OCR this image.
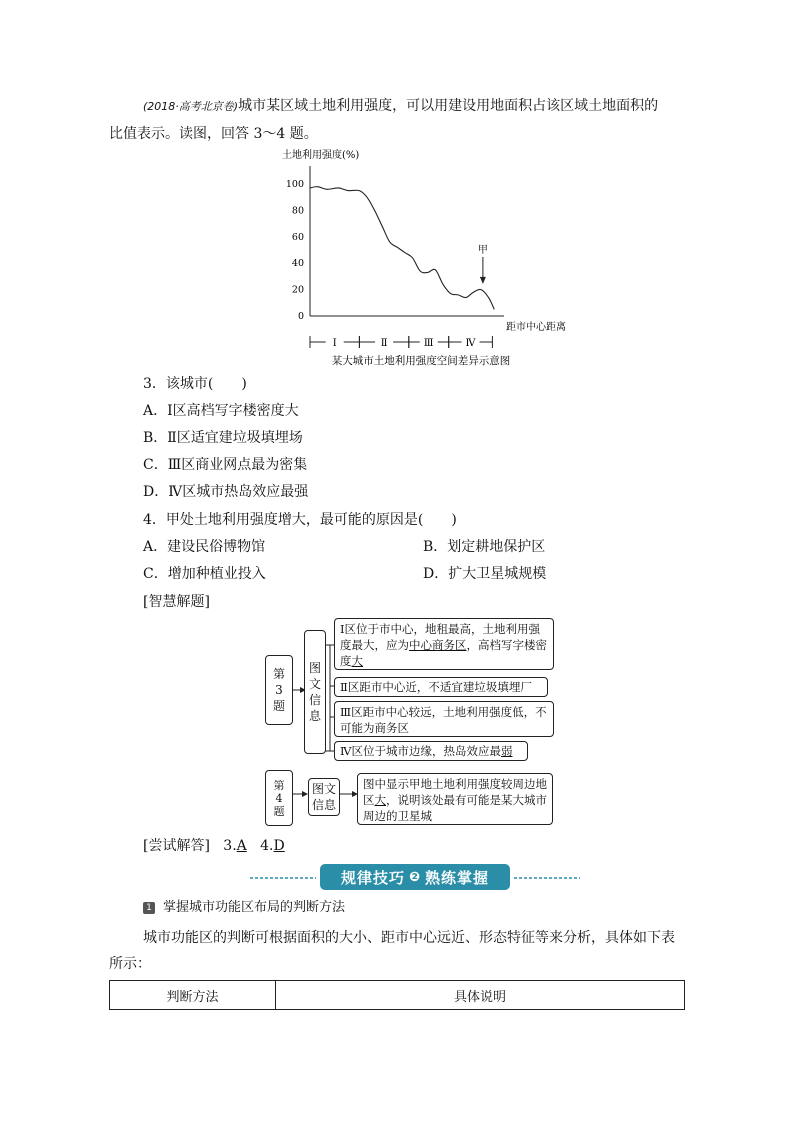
(2018·高考北京卷)城市某区域土地利用强度，可以用建设用地面积占该区域土地面积的
比值表示。读图，回答 3～4 题。
土地利用强度(%)
距市中心距离
0
20
40
60
80
100
Ⅰ	Ⅱ	Ⅲ	Ⅳ
甲
某大城市土地利用强度空间差异示意图
3．该城市(　　)
A．Ⅰ区高档写字楼密度大
B．Ⅱ区适宜建垃圾填埋场
C．Ⅲ区商业网点最为密集
D．Ⅳ区城市热岛效应最强
4．甲处土地利用强度增大，最可能的原因是(　　)
A．建设民俗博物馆	B．划定耕地保护区
C．增加种植业投入	D．扩大卫星城规模
[智慧解题]
第3题
图文信息
Ⅰ区位于市中心，地租最高，土地利用强度最大，应为中心商务区，高档写字楼密度大
Ⅱ区距市中心近，不适宜建垃圾填埋厂
Ⅲ区距市中心较远，土地利用强度低，不可能为商务区
Ⅳ区位于城市边缘，热岛效应最弱
第4题
图文信息
图中显示甲地土地利用强度较周边地区大，说明该处最有可能是某大城市周边的卫星城
[尝试解答] 3.A 4.D
规律技巧 ❷ 熟练掌握
1 掌握城市功能区布局的判断方法
城市功能区的判断可根据面积的大小、距市中心远近、形态特征等来分析，具体如下表
所示：
判断方法	具体说明
